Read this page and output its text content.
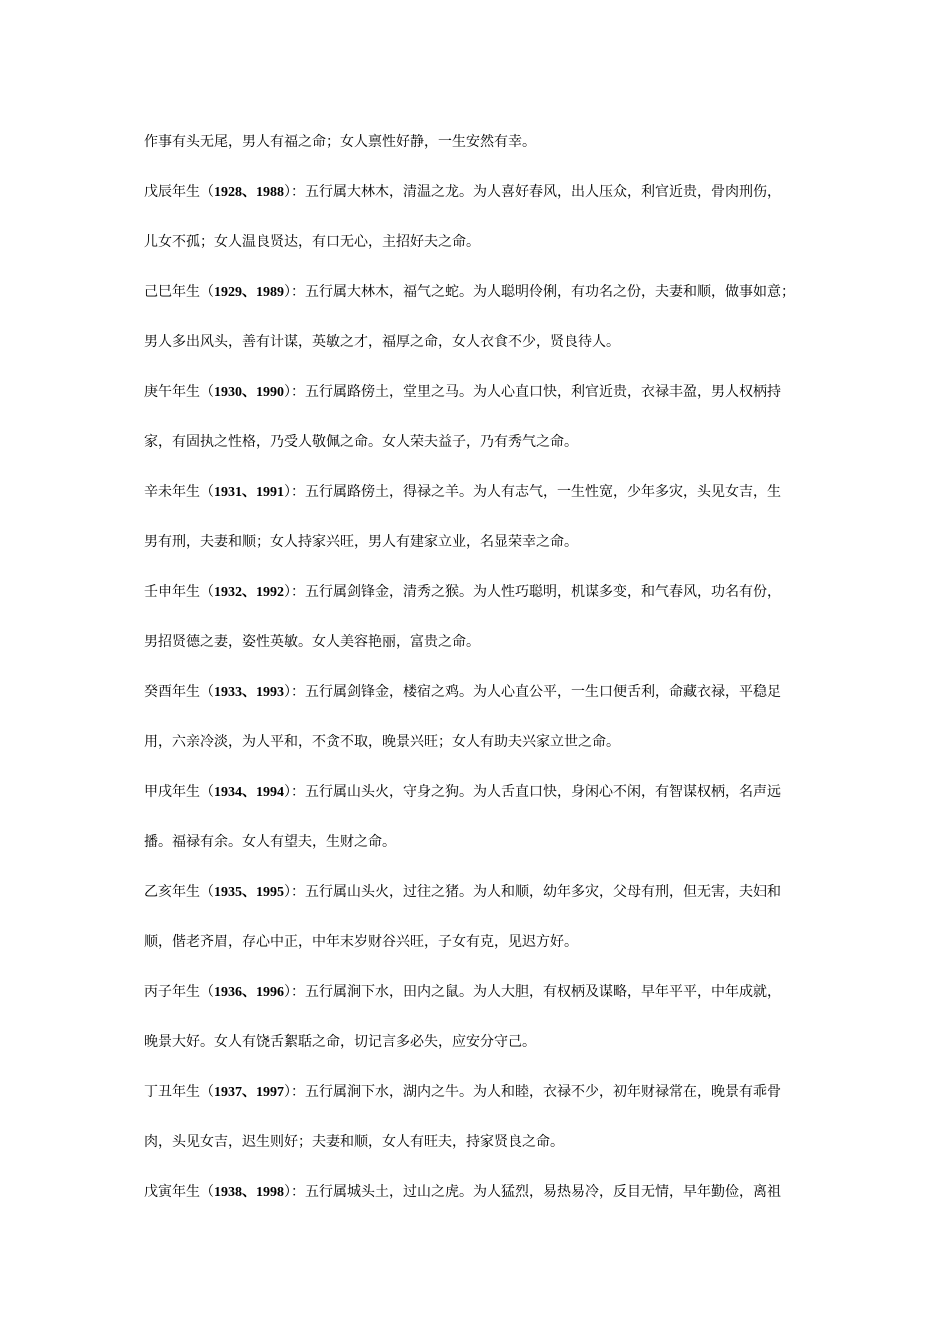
作事有头无尾，男人有福之命；女人禀性好静，一生安然有幸。
戊辰年生（1928、1988）：五行属大林木，清温之龙。为人喜好春风，出人压众，利官近贵，骨肉刑伤，
儿女不孤；女人温良贤达，有口无心，主招好夫之命。
己巳年生（1929、1989）：五行属大林木，福气之蛇。为人聪明伶俐，有功名之份，夫妻和顺，做事如意；
男人多出风头，善有计谋，英敏之才，福厚之命，女人衣食不少，贤良待人。
庚午年生（1930、1990）：五行属路傍土，堂里之马。为人心直口快，利官近贵，衣禄丰盈，男人权柄持
家，有固执之性格，乃受人敬佩之命。女人荣夫益子，乃有秀气之命。
辛未年生（1931、1991）：五行属路傍土，得禄之羊。为人有志气，一生性宽，少年多灾，头见女吉，生
男有刑，夫妻和顺；女人持家兴旺，男人有建家立业，名显荣幸之命。
壬申年生（1932、1992）：五行属剑锋金，清秀之猴。为人性巧聪明，机谋多变，和气春风，功名有份，
男招贤德之妻，姿性英敏。女人美容艳丽，富贵之命。
癸酉年生（1933、1993）：五行属剑锋金，楼宿之鸡。为人心直公平，一生口便舌利，命藏衣禄，平稳足
用，六亲冷淡，为人平和，不贪不取，晚景兴旺；女人有助夫兴家立世之命。
甲戌年生（1934、1994）：五行属山头火，守身之狗。为人舌直口快，身闲心不闲，有智谋权柄，名声远
播。福禄有余。女人有望夫，生财之命。
乙亥年生（1935、1995）：五行属山头火，过往之猪。为人和顺，幼年多灾，父母有刑，但无害，夫妇和
顺，偕老齐眉，存心中正，中年末岁财谷兴旺，子女有克，见迟方好。
丙子年生（1936、1996）：五行属涧下水，田内之鼠。为人大胆，有权柄及谋略，早年平平，中年成就，
晚景大好。女人有饶舌絮聒之命，切记言多必失，应安分守己。
丁丑年生（1937、1997）：五行属涧下水，湖内之牛。为人和睦，衣禄不少，初年财禄常在，晚景有乖骨
肉，头见女吉，迟生则好；夫妻和顺，女人有旺夫，持家贤良之命。
戊寅年生（1938、1998）：五行属城头土，过山之虎。为人猛烈，易热易冷，反目无情，早年勤俭，离祖
